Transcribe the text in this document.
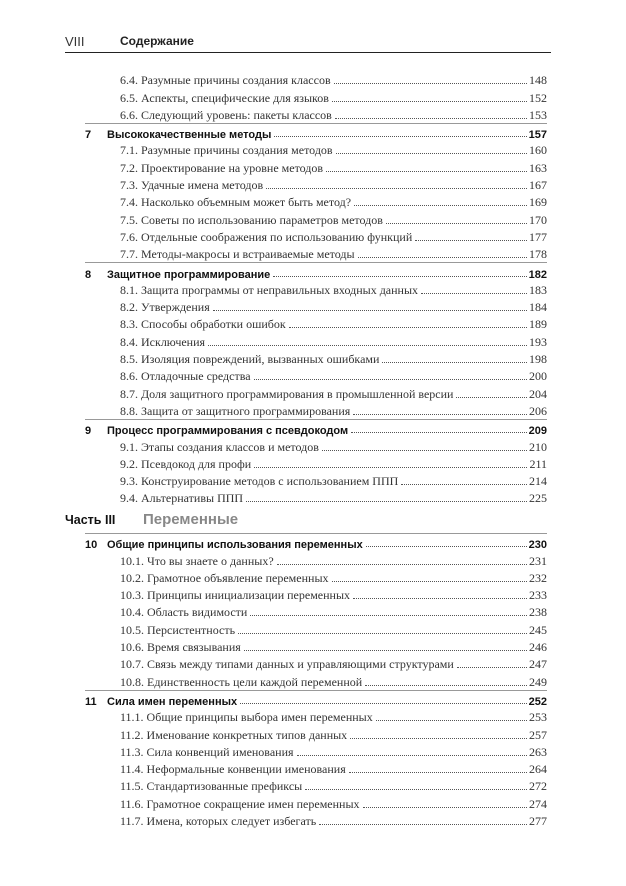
VIII	Содержание
6.4. Разумные причины создания классов	148
6.5. Аспекты, специфические для языков	152
6.6. Следующий уровень: пакеты классов	153
7	Высококачественные методы	157
7.1. Разумные причины создания методов	160
7.2. Проектирование на уровне методов	163
7.3. Удачные имена методов	167
7.4. Насколько объемным может быть метод?	169
7.5. Советы по использованию параметров методов	170
7.6. Отдельные соображения по использованию функций	177
7.7. Методы-макросы и встраиваемые методы	178
8	Защитное программирование	182
8.1. Защита программы от неправильных входных данных	183
8.2. Утверждения	184
8.3. Способы обработки ошибок	189
8.4. Исключения	193
8.5. Изоляция повреждений, вызванных ошибками	198
8.6. Отладочные средства	200
8.7. Доля защитного программирования в промышленной версии	204
8.8. Защита от защитного программирования	206
9	Процесс программирования с псевдокодом	209
9.1. Этапы создания классов и методов	210
9.2. Псевдокод для профи	211
9.3. Конструирование методов с использованием ППП	214
9.4. Альтернативы ППП	225
Часть III	Переменные
10 Общие принципы использования переменных	230
10.1. Что вы знаете о данных?	231
10.2. Грамотное объявление переменных	232
10.3. Принципы инициализации переменных	233
10.4. Область видимости	238
10.5. Персистентность	245
10.6. Время связывания	246
10.7. Связь между типами данных и управляющими структурами	247
10.8. Единственность цели каждой переменной	249
11 Сила имен переменных	252
11.1. Общие принципы выбора имен переменных	253
11.2. Именование конкретных типов данных	257
11.3. Сила конвенций именования	263
11.4. Неформальные конвенции именования	264
11.5. Стандартизованные префиксы	272
11.6. Грамотное сокращение имен переменных	274
11.7. Имена, которых следует избегать	277
